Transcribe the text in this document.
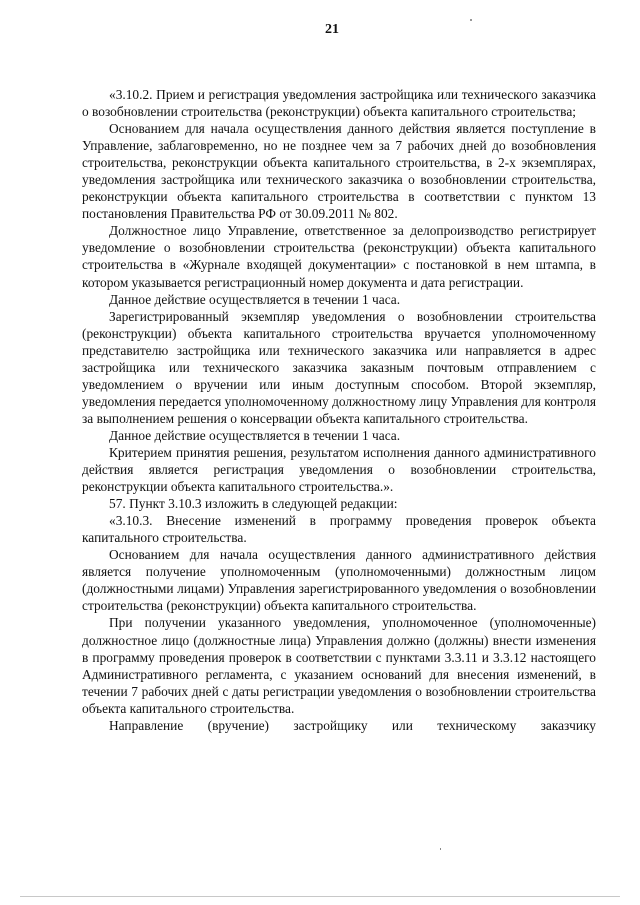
21

«3.10.2. Прием и регистрация уведомления застройщика или технического заказчика о возобновлении строительства (реконструкции) объекта капитального строительства;

Основанием для начала осуществления данного действия является поступление в Управление, заблаговременно, но не позднее чем за 7 рабочих дней до возобновления строительства, реконструкции объекта капитального строительства, в 2-х экземплярах, уведомления застройщика или технического заказчика о возобновлении строительства, реконструкции объекта капитального строительства в соответствии с пунктом 13 постановления Правительства РФ от 30.09.2011 № 802.

Должностное лицо Управление, ответственное за делопроизводство регистрирует уведомление о возобновлении строительства (реконструкции) объекта капитального строительства в «Журнале входящей документации» с постановкой в нем штампа, в котором указывается регистрационный номер документа и дата регистрации.

Данное действие осуществляется в течении 1 часа.

Зарегистрированный экземпляр уведомления о возобновлении строительства (реконструкции) объекта капитального строительства вручается уполномоченному представителю застройщика или технического заказчика или направляется в адрес застройщика или технического заказчика заказным почтовым отправлением с уведомлением о вручении или иным доступным способом. Второй экземпляр, уведомления передается уполномоченному должностному лицу Управления для контроля за выполнением решения о консервации объекта капитального строительства.

Данное действие осуществляется в течении 1 часа.

Критерием принятия решения, результатом исполнения данного административного действия является регистрация уведомления о возобновлении строительства, реконструкции объекта капитального строительства.».

57. Пункт 3.10.3 изложить в следующей редакции:

«3.10.3. Внесение изменений в программу проведения проверок объекта капитального строительства.

Основанием для начала осуществления данного административного действия является получение уполномоченным (уполномоченными) должностным лицом (должностными лицами) Управления зарегистрированного уведомления о возобновлении строительства (реконструкции) объекта капитального строительства.

При получении указанного уведомления, уполномоченное (уполномоченные) должностное лицо (должностные лица) Управления должно (должны) внести изменения в программу проведения проверок в соответствии с пунктами 3.3.11 и 3.3.12 настоящего Административного регламента, с указанием оснований для внесения изменений, в течении 7 рабочих дней с даты регистрации уведомления о возобновлении строительства объекта капитального строительства.

Направление (вручение) застройщику или техническому заказчику
